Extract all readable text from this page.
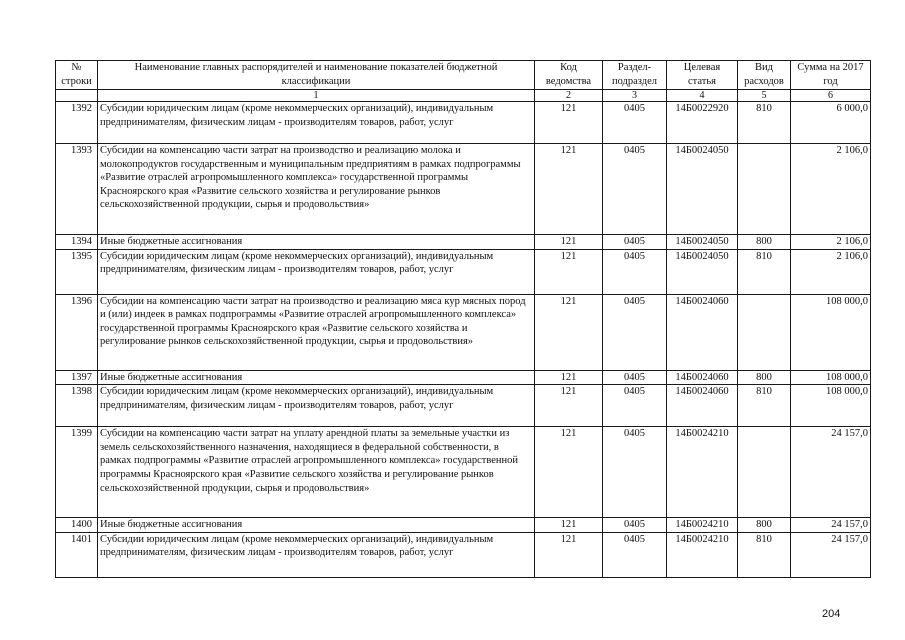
№ строки	Наименование главных распорядителей и наименование показателей бюджетной классификации	Код ведомства	Раздел-подраздел	Целевая статья	Вид расходов	Сумма на 2017 год
	1	2	3	4	5	6
1392	Субсидии юридическим лицам (кроме некоммерческих организаций), индивидуальным предпринимателям, физическим лицам - производителям товаров, работ, услуг	121	0405	14Б0022920	810	6 000,0
1393	Субсидии на компенсацию части затрат на производство и реализацию молока и молокопродуктов государственным и муниципальным предприятиям в рамках подпрограммы «Развитие отраслей агропромышленного комплекса» государственной программы Красноярского края «Развитие сельского хозяйства и регулирование рынков сельскохозяйственной продукции, сырья и продовольствия»	121	0405	14Б0024050		2 106,0
1394	Иные бюджетные ассигнования	121	0405	14Б0024050	800	2 106,0
1395	Субсидии юридическим лицам (кроме некоммерческих организаций), индивидуальным предпринимателям, физическим лицам - производителям товаров, работ, услуг	121	0405	14Б0024050	810	2 106,0
1396	Субсидии на компенсацию части затрат на производство и реализацию мяса кур мясных пород и (или) индеек в рамках подпрограммы «Развитие отраслей агропромышленного комплекса» государственной программы Красноярского края «Развитие сельского хозяйства и регулирование рынков сельскохозяйственной продукции, сырья и продовольствия»	121	0405	14Б0024060		108 000,0
1397	Иные бюджетные ассигнования	121	0405	14Б0024060	800	108 000,0
1398	Субсидии юридическим лицам (кроме некоммерческих организаций), индивидуальным предпринимателям, физическим лицам - производителям товаров, работ, услуг	121	0405	14Б0024060	810	108 000,0
1399	Субсидии на компенсацию части затрат на уплату арендной платы за земельные участки из земель сельскохозяйственного назначения, находящиеся в федеральной собственности, в рамках подпрограммы «Развитие отраслей агропромышленного комплекса» государственной программы Красноярского края «Развитие сельского хозяйства и регулирование рынков сельскохозяйственной продукции, сырья и продовольствия»	121	0405	14Б0024210		24 157,0
1400	Иные бюджетные ассигнования	121	0405	14Б0024210	800	24 157,0
1401	Субсидии юридическим лицам (кроме некоммерческих организаций), индивидуальным предпринимателям, физическим лицам - производителям товаров, работ, услуг	121	0405	14Б0024210	810	24 157,0
204
